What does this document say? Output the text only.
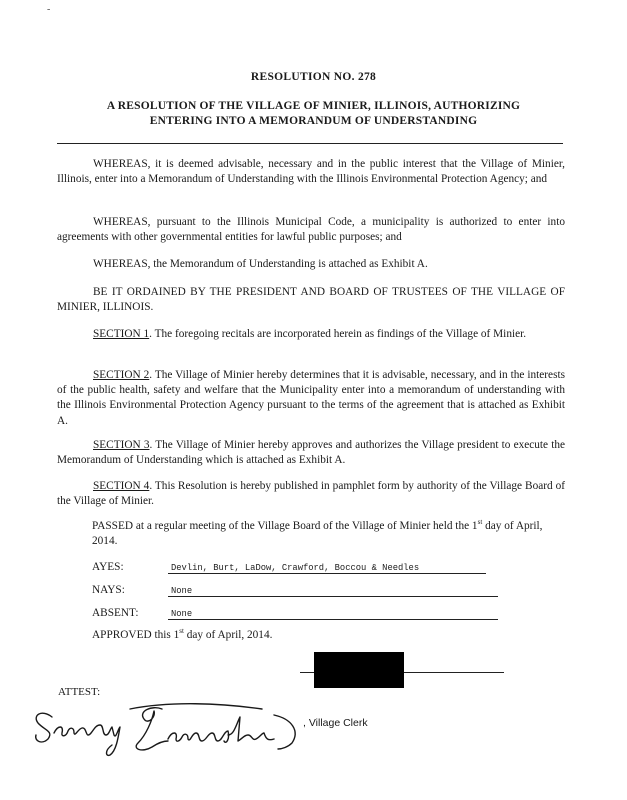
-
RESOLUTION NO. 278
A RESOLUTION OF THE VILLAGE OF MINIER, ILLINOIS, AUTHORIZING ENTERING INTO A MEMORANDUM OF UNDERSTANDING

WHEREAS, it is deemed advisable, necessary and in the public interest that the Village of Minier, Illinois, enter into a Memorandum of Understanding with the Illinois Environmental Protection Agency; and

WHEREAS, pursuant to the Illinois Municipal Code, a municipality is authorized to enter into agreements with other governmental entities for lawful public purposes; and

WHEREAS, the Memorandum of Understanding is attached as Exhibit A.

BE IT ORDAINED BY THE PRESIDENT AND BOARD OF TRUSTEES OF THE VILLAGE OF MINIER, ILLINOIS.

SECTION 1. The foregoing recitals are incorporated herein as findings of the Village of Minier.

SECTION 2. The Village of Minier hereby determines that it is advisable, necessary, and in the interests of the public health, safety and welfare that the Municipality enter into a memorandum of understanding with the Illinois Environmental Protection Agency pursuant to the terms of the agreement that is attached as Exhibit A.

SECTION 3. The Village of Minier hereby approves and authorizes the Village president to execute the Memorandum of Understanding which is attached as Exhibit A.

SECTION 4. This Resolution is hereby published in pamphlet form by authority of the Village Board of the Village of Minier.

PASSED at a regular meeting of the Village Board of the Village of Minier held the 1st day of April, 2014.

AYES:	Devlin, Burt, LaDow, Crawford, Boccou & Needles
NAYS:	None
ABSENT:	None
APPROVED this 1st day of April, 2014.
ATTEST:
, Village Clerk
